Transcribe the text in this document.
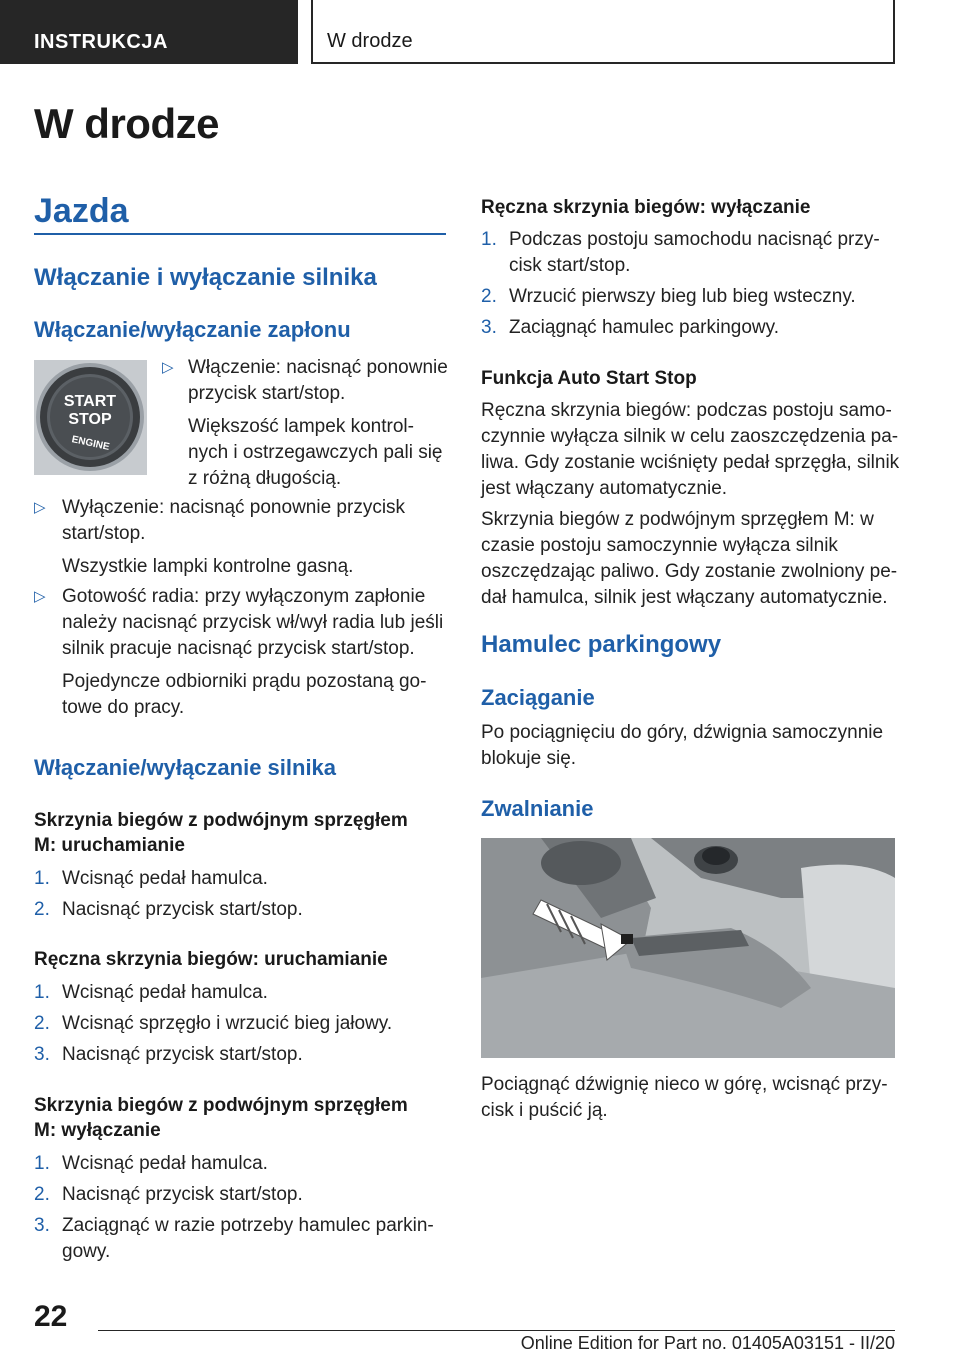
INSTRUKCJA	W drodze
W drodze
Jazda
Włączanie i wyłączanie silnika
Włączanie/wyłączanie zapłonu
START
STOP
ENGINE
▷ Włączenie: nacisnąć ponownie
przycisk start/stop.
Większość lampek kontrol-
nych i ostrzegawczych pali się
z różną długością.
▷ Wyłączenie: nacisnąć ponownie przycisk
start/stop.
Wszystkie lampki kontrolne gasną.
▷ Gotowość radia: przy wyłączonym zapłonie
należy nacisnąć przycisk wł/wył radia lub jeśli
silnik pracuje nacisnąć przycisk start/stop.
Pojedyncze odbiorniki prądu pozostaną go-
towe do pracy.
Włączanie/wyłączanie silnika
Skrzynia biegów z podwójnym sprzęgłem
M: uruchamianie
1. Wcisnąć pedał hamulca.
2. Nacisnąć przycisk start/stop.
Ręczna skrzynia biegów: uruchamianie
1. Wcisnąć pedał hamulca.
2. Wcisnąć sprzęgło i wrzucić bieg jałowy.
3. Nacisnąć przycisk start/stop.
Skrzynia biegów z podwójnym sprzęgłem
M: wyłączanie
1. Wcisnąć pedał hamulca.
2. Nacisnąć przycisk start/stop.
3. Zaciągnąć w razie potrzeby hamulec parkin-
gowy.
Ręczna skrzynia biegów: wyłączanie
1. Podczas postoju samochodu nacisnąć przy-
cisk start/stop.
2. Wrzucić pierwszy bieg lub bieg wsteczny.
3. Zaciągnąć hamulec parkingowy.
Funkcja Auto Start Stop
Ręczna skrzynia biegów: podczas postoju samo-
czynnie wyłącza silnik w celu zaoszczędzenia pa-
liwa. Gdy zostanie wciśnięty pedał sprzęgła, silnik
jest włączany automatycznie.
Skrzynia biegów z podwójnym sprzęgłem M: w
czasie postoju samoczynnie wyłącza silnik
oszczędzając paliwo. Gdy zostanie zwolniony pe-
dał hamulca, silnik jest włączany automatycznie.
Hamulec parkingowy
Zaciąganie
Po pociągnięciu do góry, dźwignia samoczynnie
blokuje się.
Zwalnianie
Pociągnąć dźwignię nieco w górę, wcisnąć przy-
cisk i puścić ją.
22
Online Edition for Part no. 01405A03151 - II/20
